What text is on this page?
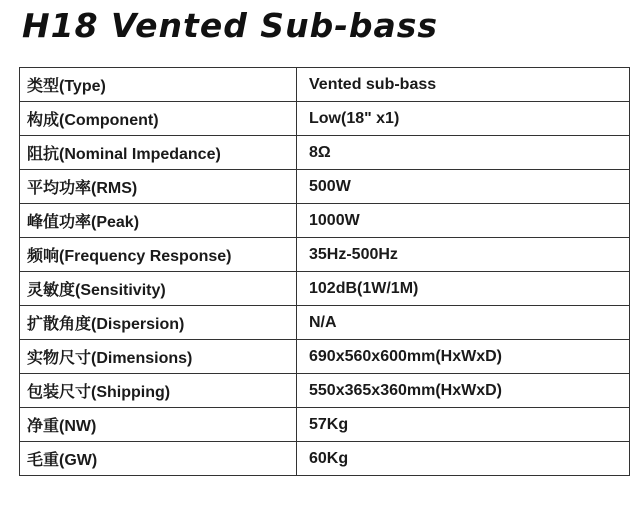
H18 Vented Sub-bass
类型(Type)	Vented sub-bass
构成(Component)	Low(18" x1)
阻抗(Nominal Impedance)	8Ω
平均功率(RMS)	500W
峰值功率(Peak)	1000W
频响(Frequency Response)	35Hz-500Hz
灵敏度(Sensitivity)	102dB(1W/1M)
扩散角度(Dispersion)	N/A
实物尺寸(Dimensions)	690x560x600mm(HxWxD)
包装尺寸(Shipping)	550x365x360mm(HxWxD)
净重(NW)	57Kg
毛重(GW)	60Kg
